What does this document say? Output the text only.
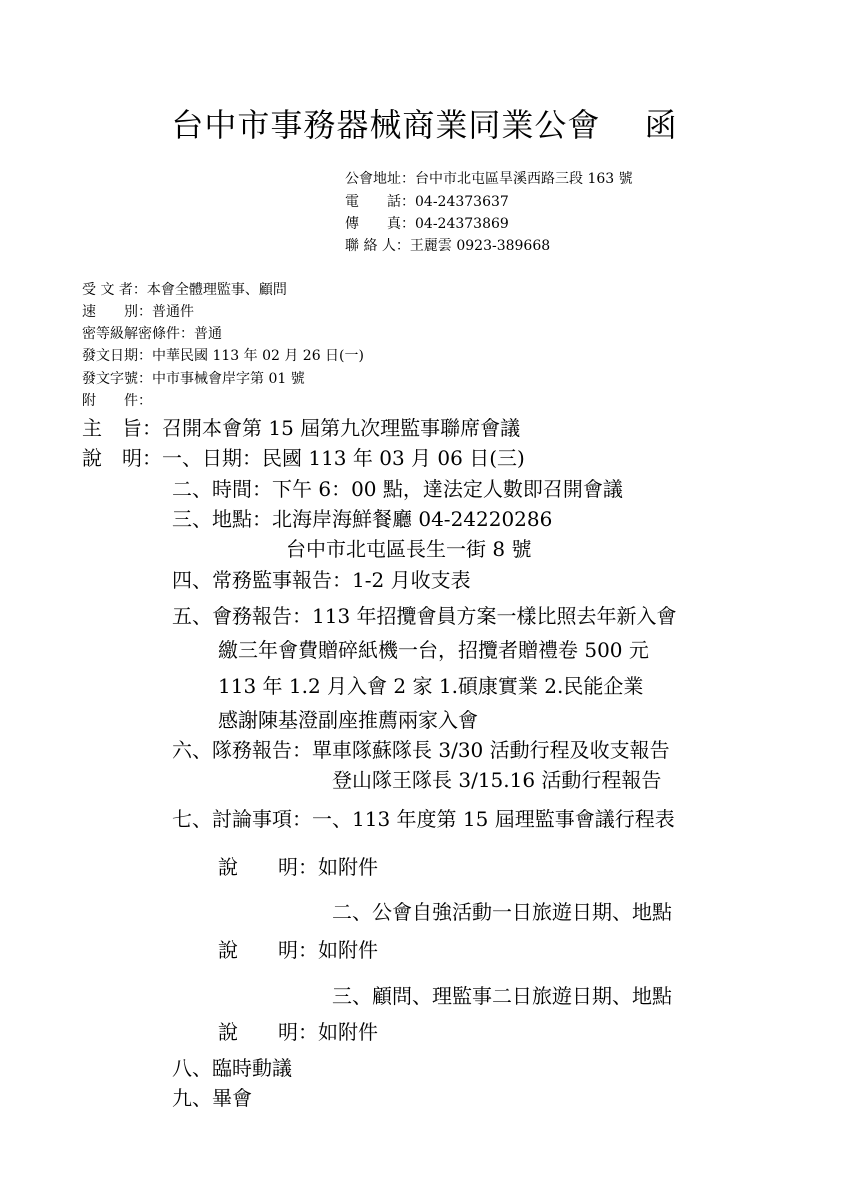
台中市事務器械商業同業公會　 函
公會地址：台中市北屯區旱溪西路三段 163 號
電　　話：04-24373637
傳　　真：04-24373869
聯 絡 人：王麗雲 0923-389668
受 文 者：本會全體理監事、顧問
速　　別：普通件
密等級解密條件：普通
發文日期：中華民國 113 年 02 月 26 日(一)
發文字號：中市事械會岸字第 01 號
附　　件：
主　旨：召開本會第 15 屆第九次理監事聯席會議
說　明：一、日期：民國 113 年 03 月 06 日(三)
二、時間：下午 6：00 點，達法定人數即召開會議
三、地點：北海岸海鮮餐廳 04-24220286
台中市北屯區長生一街 8 號
四、常務監事報告：1-2 月收支表
五、會務報告：113 年招攬會員方案一樣比照去年新入會
繳三年會費贈碎紙機一台，招攬者贈禮卷 500 元
113 年 1.2 月入會 2 家 1.碩康實業 2.民能企業
感謝陳基澄副座推薦兩家入會
六、隊務報告：單車隊蘇隊長 3/30 活動行程及收支報告
登山隊王隊長 3/15.16 活動行程報告
七、討論事項：一、113 年度第 15 屆理監事會議行程表
說　　明：如附件
二、公會自強活動一日旅遊日期、地點
說　　明：如附件
三、顧問、理監事二日旅遊日期、地點
說　　明：如附件
八、臨時動議
九、畢會
